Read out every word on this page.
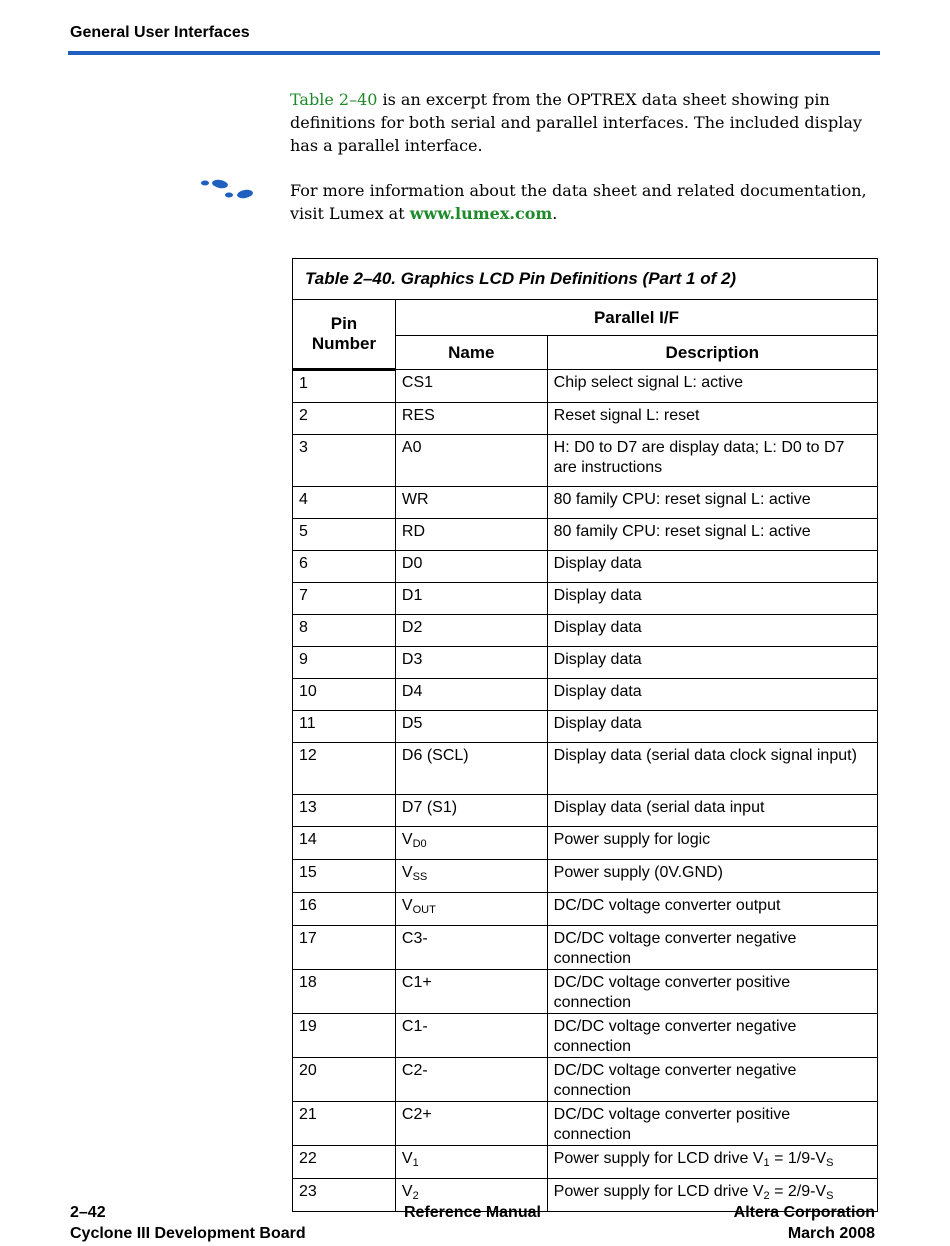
General User Interfaces
Table 2–40 is an excerpt from the OPTREX data sheet showing pin definitions for both serial and parallel interfaces. The included display has a parallel interface.
For more information about the data sheet and related documentation, visit Lumex at www.lumex.com.
Table 2–40. Graphics LCD Pin Definitions (Part 1 of 2)		
Pin Number	Parallel I/F	
	Name	Description
1	CS1	Chip select signal L: active
2	RES	Reset signal L: reset
3	A0	H: D0 to D7 are display data; L: D0 to D7 are instructions
4	WR	80 family CPU: reset signal L: active
5	RD	80 family CPU: reset signal L: active
6	D0	Display data
7	D1	Display data
8	D2	Display data
9	D3	Display data
10	D4	Display data
11	D5	Display data
12	D6 (SCL)	Display data (serial data clock signal input)
13	D7 (S1)	Display data (serial data input
14	$V_{D0}$	Power supply for logic
15	$V_{SS}$	Power supply (0V.GND)
16	$V_{OUT}$	DC/DC voltage converter output
17	C3-	DC/DC voltage converter negative connection
18	C1+	DC/DC voltage converter positive connection
19	C1-	DC/DC voltage converter negative connection
20	C2-	DC/DC voltage converter negative connection
21	C2+	DC/DC voltage converter positive connection
22	$V_1$	Power supply for LCD drive $V_1 = 1/9-V_S$
23	$V_2$	Power supply for LCD drive $V_2 = 2/9-V_S$
2–42
Cyclone III Development Board
Reference Manual	Altera Corporation
March 2008
